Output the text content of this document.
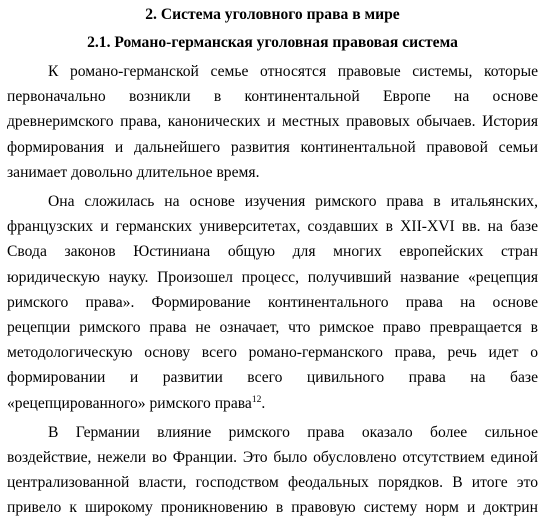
2. Система уголовного права в мире

2.1. Романо-германская уголовная правовая система

К романо-германской семье относятся правовые системы, которые
первоначально возникли в континентальной Европе на основе
древнеримского права, канонических и местных правовых обычаев. История
формирования и дальнейшего развития континентальной правовой семьи
занимает довольно длительное время.

Она сложилась на основе изучения римского права в итальянских,
французских и германских университетах, создавших в XII-XVI вв. на базе
Свода законов Юстиниана общую для многих европейских стран
юридическую науку. Произошел процесс, получивший название «рецепция
римского права». Формирование континентального права на основе
рецепции римского права не означает, что римское право превращается в
методологическую основу всего романо-германского права, речь идет о
формировании и развитии всего цивильного права на базе
«рецепцированного» римского права$^{12}$.

В Германии влияние римского права оказало более сильное
воздействие, нежели во Франции. Это было обусловлено отсутствием единой
централизованной власти, господством феодальных порядков. В итоге это
привело к широкому проникновению в правовую систему норм и доктрин
